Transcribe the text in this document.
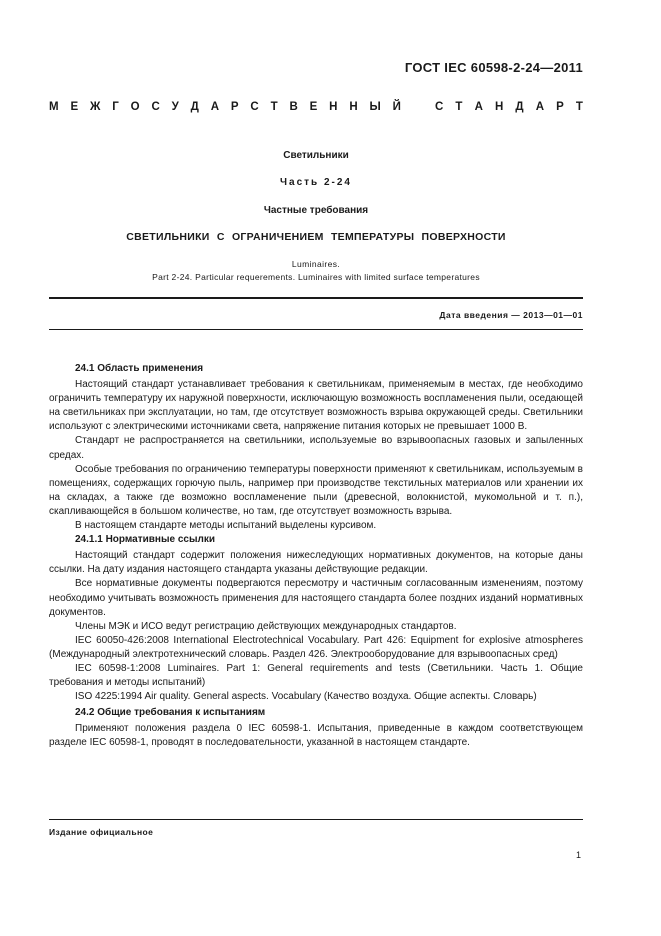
ГОСТ IEC 60598-2-24—2011
М Е Ж Г О С У Д А Р С Т В Е Н Н Ы Й	С Т А Н Д А Р Т
Светильники
Часть 2-24
Частные требования
СВЕТИЛЬНИКИ С ОГРАНИЧЕНИЕМ ТЕМПЕРАТУРЫ ПОВЕРХНОСТИ
Luminaires.
Part 2-24. Particular requerements. Luminaires with limited surface temperatures
Дата введения — 2013—01—01
24.1 Область применения

Настоящий стандарт устанавливает требования к светильникам, применяемым в местах, где необходимо ограничить температуру их наружной поверхности, исключающую возможность воспламенения пыли, оседающей на светильниках при эксплуатации, но там, где отсутствует возможность взрыва окружающей среды. Светильники используют с электрическими источниками света, напряжение питания которых не превышает 1000 В.

Стандарт не распространяется на светильники, используемые во взрывоопасных газовых и запыленных средах.

Особые требования по ограничению температуры поверхности применяют к светильникам, используемым в помещениях, содержащих горючую пыль, например при производстве текстильных материалов или хранении их на складах, а также где возможно воспламенение пыли (древесной, волокнистой, мукомольной и т. п.), скапливающейся в большом количестве, но там, где отсутствует возможность взрыва.

В настоящем стандарте методы испытаний выделены курсивом.

24.1.1 Нормативные ссылки

Настоящий стандарт содержит положения нижеследующих нормативных документов, на которые даны ссылки. На дату издания настоящего стандарта указаны действующие редакции.

Все нормативные документы подвергаются пересмотру и частичным согласованным изменениям, поэтому необходимо учитывать возможность применения для настоящего стандарта более поздних изданий нормативных документов.

Члены МЭК и ИСО ведут регистрацию действующих международных стандартов.

IEC 60050-426:2008 International Electrotechnical Vocabulary. Part 426: Equipment for explosive atmospheres (Международный электротехнический словарь. Раздел 426. Электрооборудование для взрывоопасных сред)

IEC 60598-1:2008 Luminaires. Part 1: General requirements and tests (Светильники. Часть 1. Общие требования и методы испытаний)

ISO 4225:1994 Air quality. General aspects. Vocabulary (Качество воздуха. Общие аспекты. Словарь)

24.2 Общие требования к испытаниям

Применяют положения раздела 0 IEC 60598-1. Испытания, приведенные в каждом соответствующем разделе IEC 60598-1, проводят в последовательности, указанной в настоящем стандарте.

Издание официальное
1
